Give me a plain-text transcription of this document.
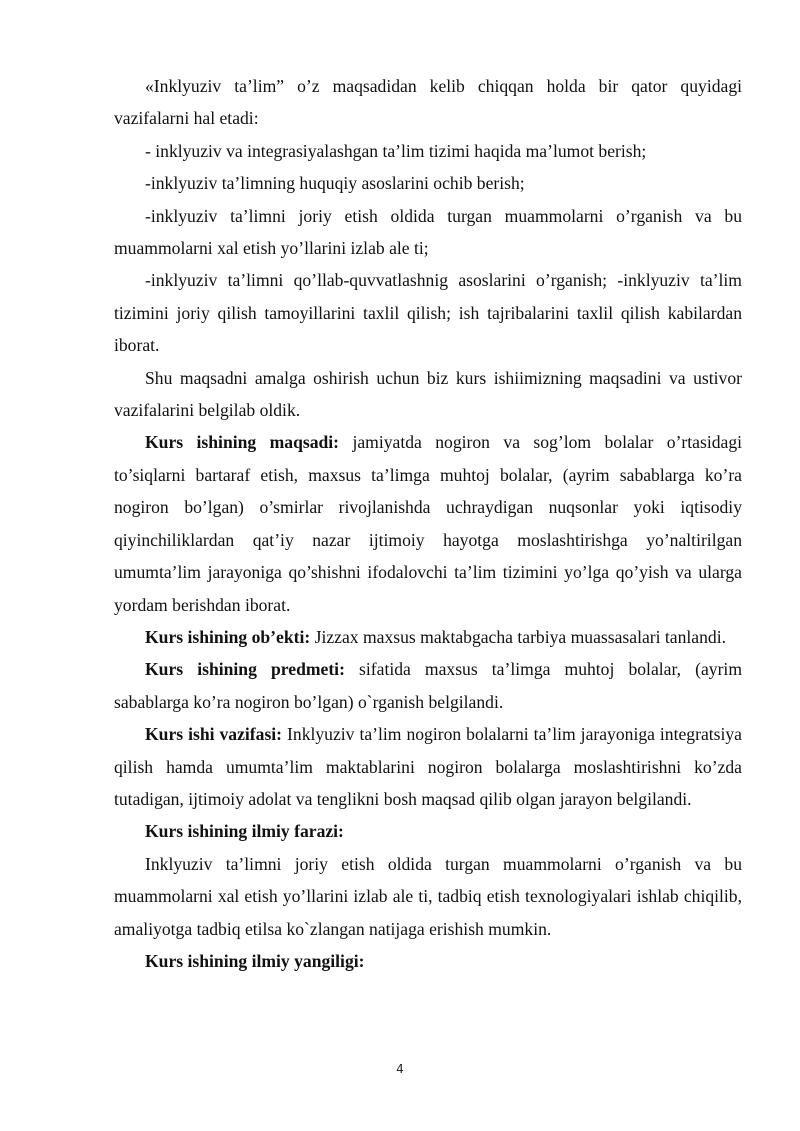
«Inklyuziv ta’lim” o’z maqsadidan kelib chiqqan holda bir qator quyidagi vazifalarni hal etadi:

- inklyuziv va integrasiyalashgan ta’lim tizimi haqida ma’lumot berish;

-inklyuziv ta’limning huquqiy asoslarini ochib berish;

-inklyuziv ta’limni joriy etish oldida turgan muammolarni o’rganish va bu muammolarni xal etish yo’llarini izlab ale ti;

-inklyuziv ta’limni qo’llab-quvvatlashnig asoslarini o’rganish; -inklyuziv ta’lim tizimini joriy qilish tamoyillarini taxlil qilish; ish tajribalarini taxlil qilish kabilardan iborat.

Shu maqsadni amalga oshirish uchun biz kurs ishiimizning maqsadini va ustivor vazifalarini belgilab oldik.

Kurs ishining maqsadi: jamiyatda nogiron va sog’lom bolalar o’rtasidagi to’siqlarni bartaraf etish, maxsus ta’limga muhtoj bolalar, (ayrim sabablarga ko’ra nogiron bo’lgan) o’smirlar rivojlanishda uchraydigan nuqsonlar yoki iqtisodiy qiyinchiliklardan qat’iy nazar ijtimoiy hayotga moslashtirishga yo’naltirilgan umumta’lim jarayoniga qo’shishni ifodalovchi ta’lim tizimini yo’lga qo’yish va ularga yordam berishdan iborat.

Kurs ishining ob’ekti: Jizzax maxsus maktabgacha tarbiya muassasalari tanlandi.

Kurs ishining predmeti: sifatida maxsus ta’limga muhtoj bolalar, (ayrim sabablarga ko’ra nogiron bo’lgan) o`rganish belgilandi.

Kurs ishi vazifasi: Inklyuziv ta’lim nogiron bolalarni ta’lim jarayoniga integratsiya qilish hamda umumta’lim maktablarini nogiron bolalarga moslashtirishni ko’zda tutadigan, ijtimoiy adolat va tenglikni bosh maqsad qilib olgan jarayon belgilandi.

Kurs ishining ilmiy farazi:

Inklyuziv ta’limni joriy etish oldida turgan muammolarni o’rganish va bu muammolarni xal etish yo’llarini izlab ale ti, tadbiq etish texnologiyalari ishlab chiqilib, amaliyotga tadbiq etilsa ko`zlangan natijaga erishish mumkin.

Kurs ishining ilmiy yangiligi:

4
